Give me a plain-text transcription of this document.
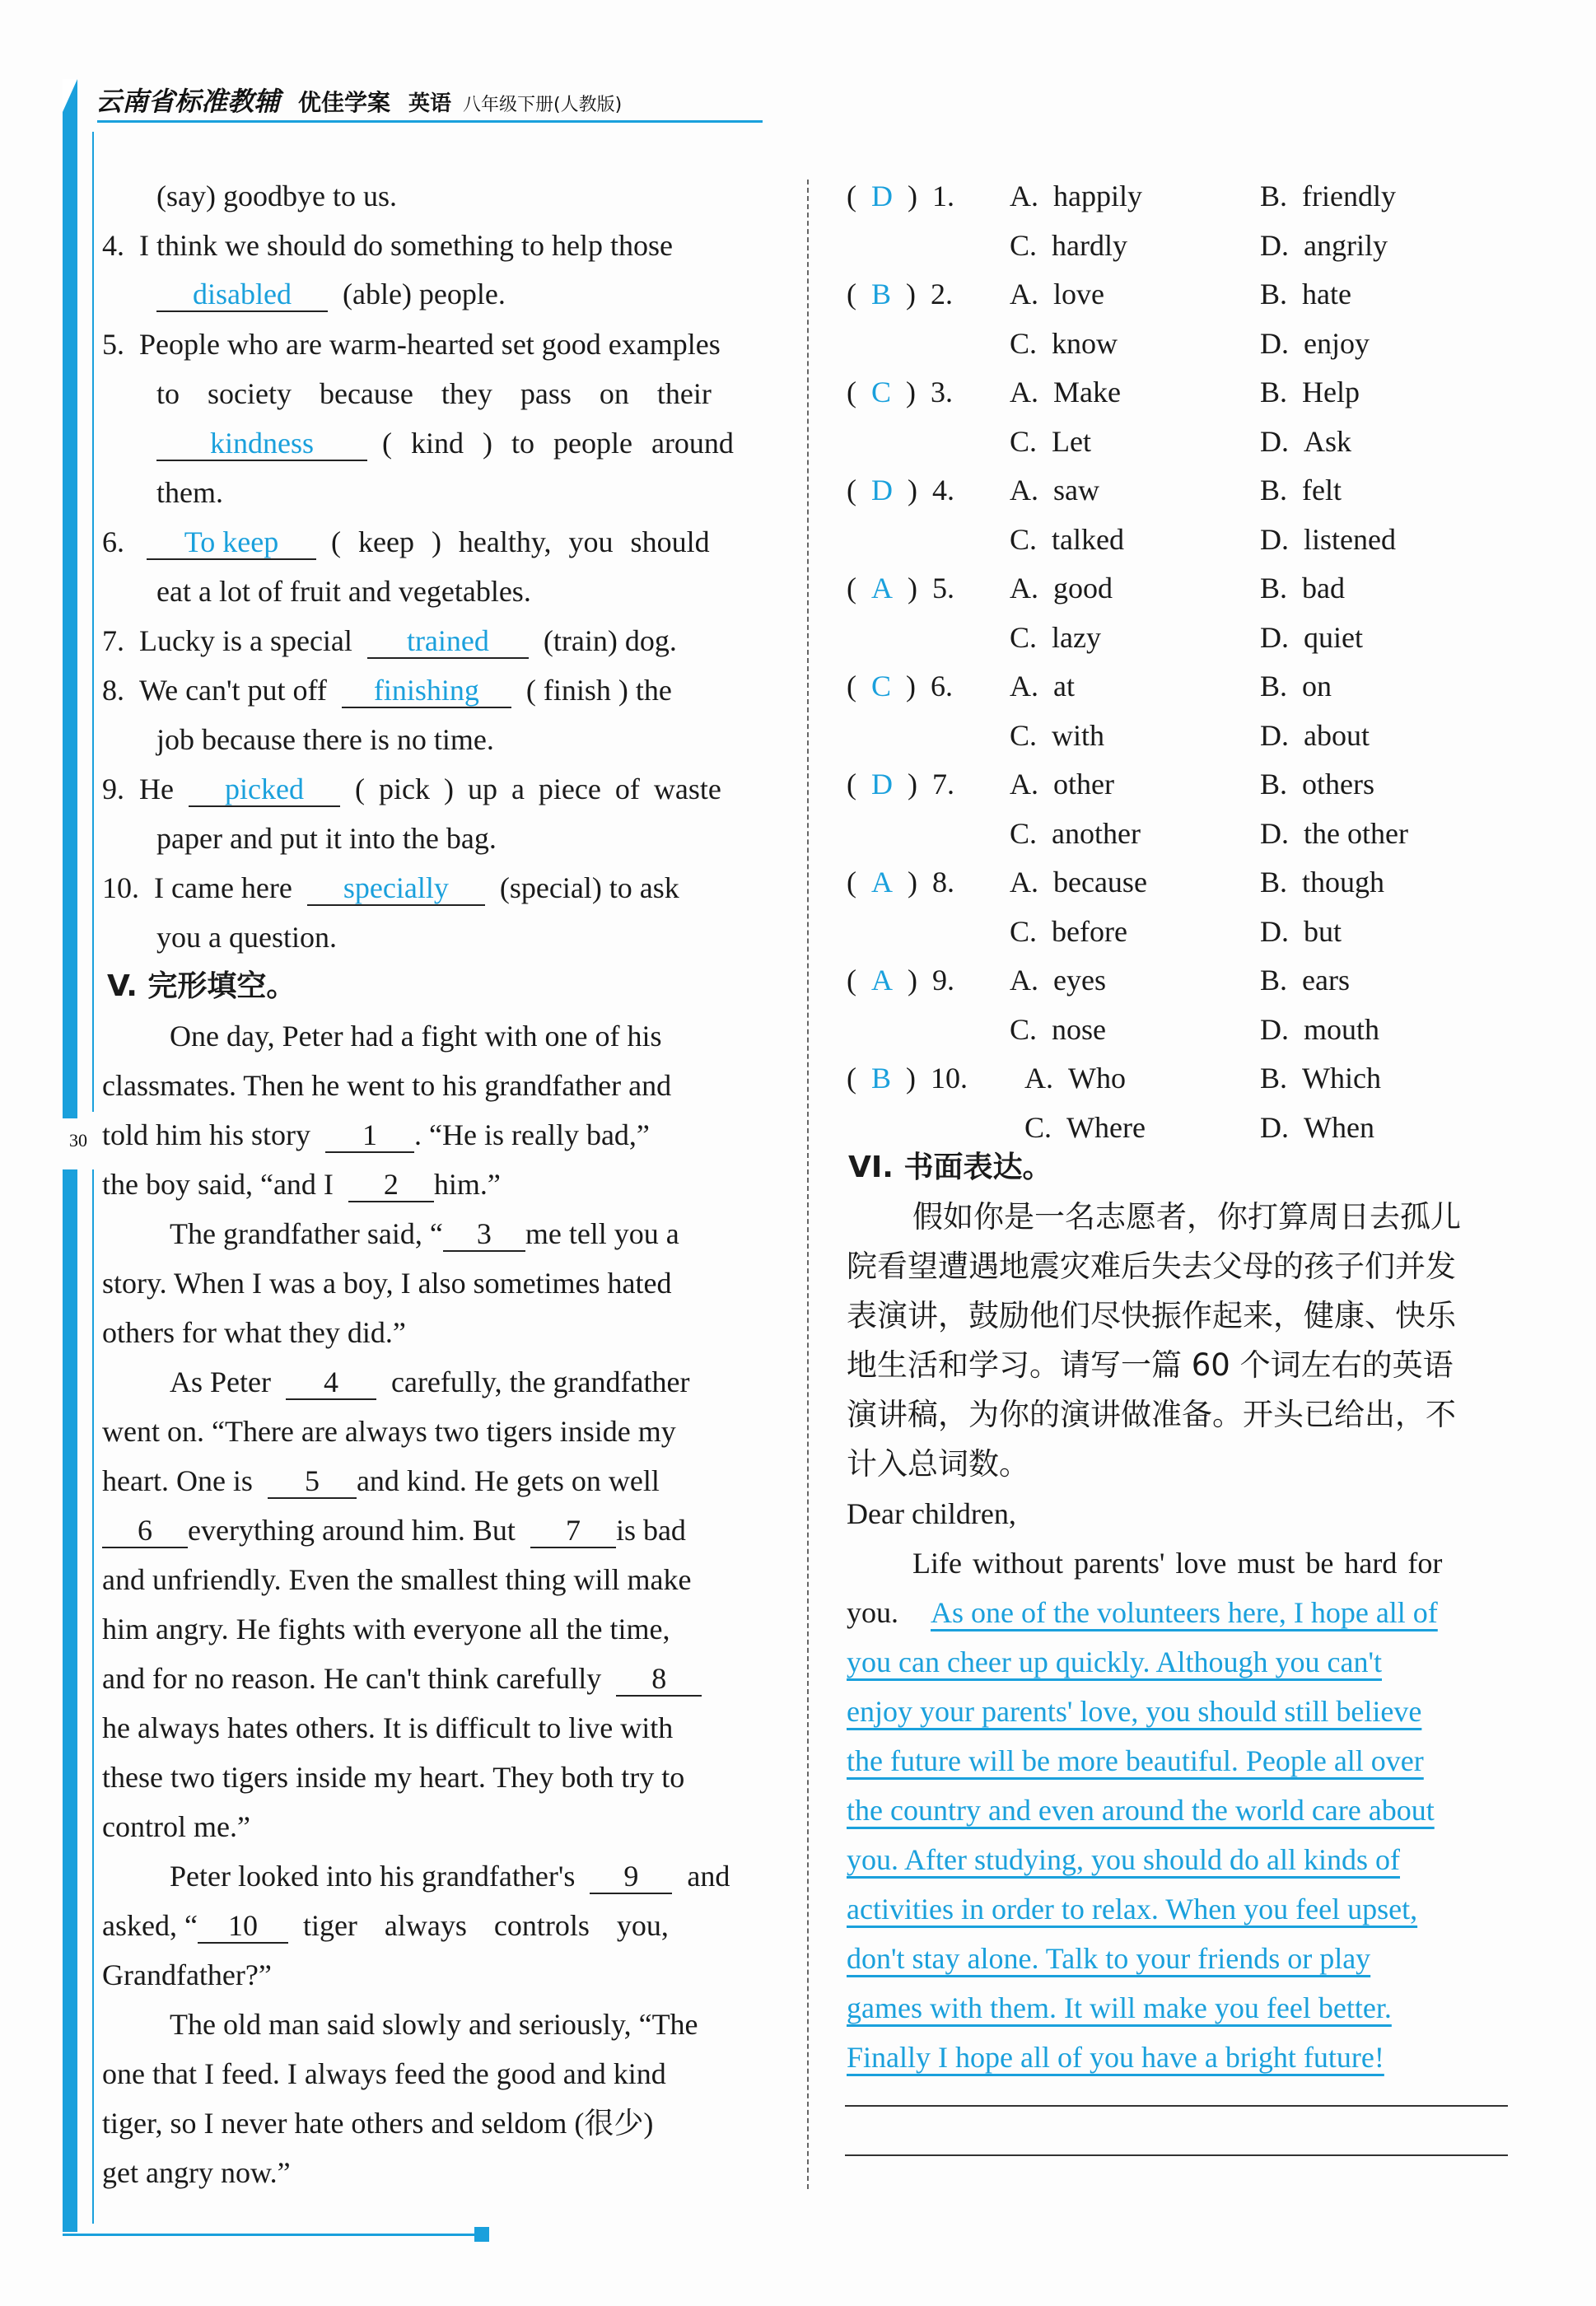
30
云南省标准教辅 优佳学案 英语 八年级下册(人教版)
(say) goodbye to us.
4. I think we should do something to help those
disabled (able) people.
5. People who are warm-hearted set good examples
to society because they pass on their
kindness ( kind ) to people around
them.
6. To keep ( keep ) healthy, you should
eat a lot of fruit and vegetables.
7. Lucky is a special trained (train) dog.
8. We can't put off finishing ( finish ) the
job because there is no time.
9. He picked ( pick ) up a piece of waste
paper and put it into the bag.
10. I came here specially (special) to ask
you a question.
V. 完形填空。
One day, Peter had a fight with one of his
classmates. Then he went to his grandfather and
told him his story 1 . “He is really bad,”
the boy said, “and I 2 him.”
The grandfather said, “ 3 me tell you a
story. When I was a boy, I also sometimes hated
others for what they did.”
As Peter 4 carefully, the grandfather
went on. “There are always two tigers inside my
heart. One is 5 and kind. He gets on well
6 everything around him. But 7 is bad
and unfriendly. Even the smallest thing will make
him angry. He fights with everyone all the time,
and for no reason. He can't think carefully 8
he always hates others. It is difficult to live with
these two tigers inside my heart. They both try to
control me.”
Peter looked into his grandfather's 9 and
asked, “ 10 tiger always controls you,
Grandfather?”
The old man said slowly and seriously, “The
one that I feed. I always feed the good and kind
tiger, so I never hate others and seldom (很少)
get angry now.”
( D ) 1. A. happily	B. friendly
C. hardly	D. angrily
( B ) 2. A. love	B. hate
C. know	D. enjoy
( C ) 3. A. Make	B. Help
C. Let	D. Ask
( D ) 4. A. saw	B. felt
C. talked	D. listened
( A ) 5. A. good	B. bad
C. lazy	D. quiet
( C ) 6. A. at	B. on
C. with	D. about
( D ) 7. A. other	B. others
C. another	D. the other
( A ) 8. A. because	B. though
C. before	D. but
( A ) 9. A. eyes	B. ears
C. nose	D. mouth
( B ) 10. A. Who	B. Which
C. Where	D. When
VI. 书面表达。
假如你是一名志愿者，你打算周日去孤儿
院看望遭遇地震灾难后失去父母的孩子们并发
表演讲，鼓励他们尽快振作起来，健康、快乐
地生活和学习。请写一篇 60 个词左右的英语
演讲稿，为你的演讲做准备。开头已给出，不
计入总词数。
Dear children,
Life without parents' love must be hard for
you. As one of the volunteers here, I hope all of
you can cheer up quickly. Although you can't
enjoy your parents' love, you should still believe
the future will be more beautiful. People all over
the country and even around the world care about
you. After studying, you should do all kinds of
activities in order to relax. When you feel upset,
don't stay alone. Talk to your friends or play
games with them. It will make you feel better.
Finally I hope all of you have a bright future!
